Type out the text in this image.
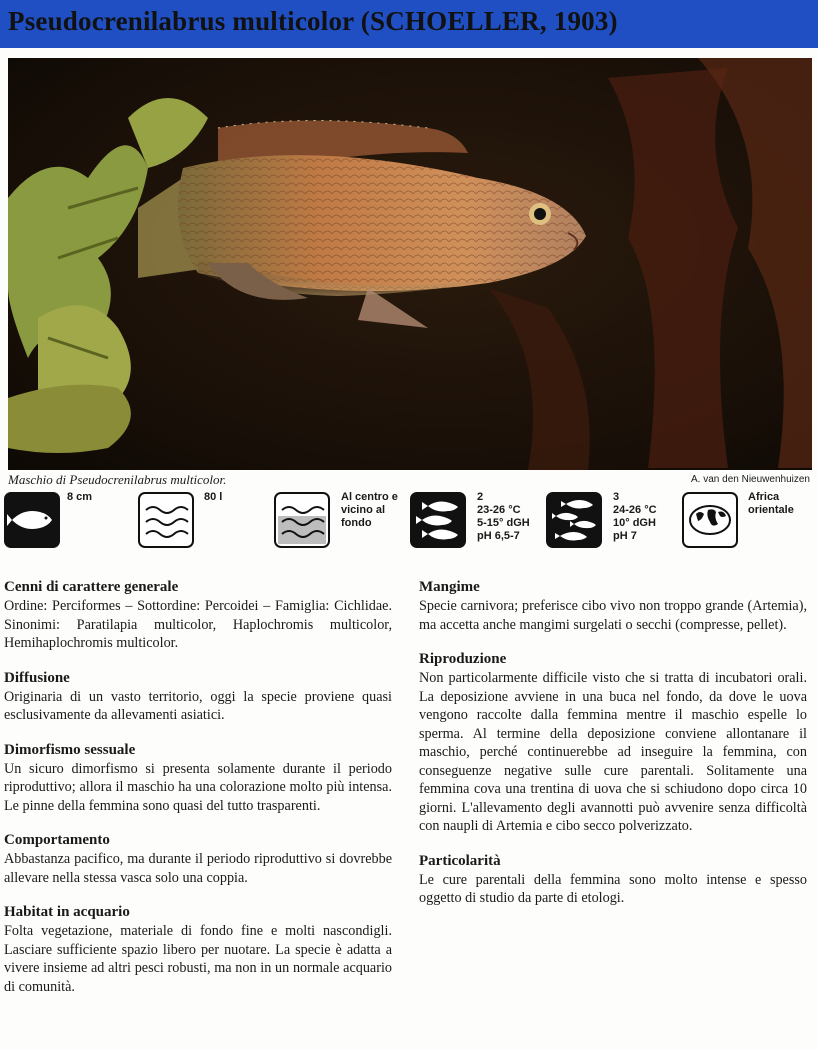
Pseudocrenilabrus multicolor (SCHOELLER, 1903)
Maschio di Pseudocrenilabrus multicolor.	A. van den Nieuwenhuizen
8 cm	80 l	Al centro e
vicino al
fondo
2
23-26 °C
5-15° dGH
pH 6,5-7
3
24-26 °C
10° dGH
pH 7
Africa
orientale
Cenni di carattere generale

Ordine: Perciformes – Sottordine: Percoidei – Famiglia: Cichlidae. Sinonimi: Paratilapia multicolor, Haplochromis multicolor, Hemihaplochromis multicolor.

Diffusione

Originaria di un vasto territorio, oggi la specie proviene quasi esclusivamente da allevamenti asiatici.

Dimorfismo sessuale

Un sicuro dimorfismo si presenta solamente durante il periodo riproduttivo; allora il maschio ha una colorazione molto più intensa. Le pinne della femmina sono quasi del tutto trasparenti.

Comportamento

Abbastanza pacifico, ma durante il periodo riproduttivo si dovrebbe allevare nella stessa vasca solo una coppia.

Habitat in acquario

Folta vegetazione, materiale di fondo fine e molti nascondigli. Lasciare sufficiente spazio libero per nuotare. La specie è adatta a vivere insieme ad altri pesci robusti, ma non in un normale acquario di comunità.

Mangime

Specie carnivora; preferisce cibo vivo non troppo grande (Artemia), ma accetta anche mangimi surgelati o secchi (compresse, pellet).

Riproduzione

Non particolarmente difficile visto che si tratta di incubatori orali. La deposizione avviene in una buca nel fondo, da dove le uova vengono raccolte dalla femmina mentre il maschio espelle lo sperma. Al termine della deposizione conviene allontanare il maschio, perché continuerebbe ad inseguire la femmina, con conseguenze negative sulle cure parentali. Solitamente una femmina cova una trentina di uova che si schiudono dopo circa 10 giorni. L'allevamento degli avannotti può avvenire senza difficoltà con naupli di Artemia e cibo secco polverizzato.

Particolarità

Le cure parentali della femmina sono molto intense e spesso oggetto di studio da parte di etologi.
